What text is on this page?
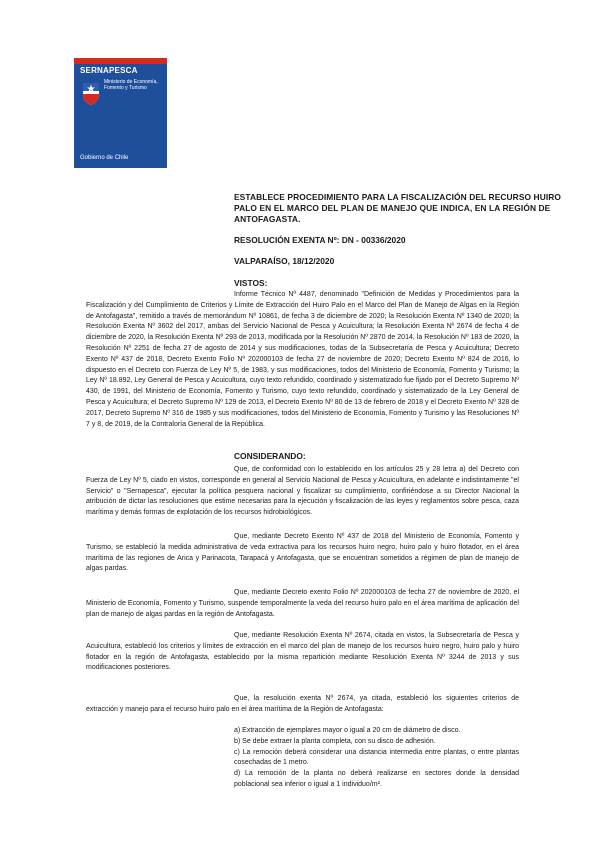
SERNAPESCA
Ministerio de Economía, Fomento y Turismo
Gobierno de Chile

ESTABLECE PROCEDIMIENTO PARA LA FISCALIZACIÓN DEL RECURSO HUIRO PALO EN EL MARCO DEL PLAN DE MANEJO QUE INDICA, EN LA REGIÓN DE ANTOFAGASTA.

RESOLUCIÓN EXENTA Nº: DN - 00336/2020

VALPARAÍSO, 18/12/2020

VISTOS:

Informe Técnico Nº 4487, denominado "Definición de Medidas y Procedimientos para la Fiscalización y del Cumplimiento de Criterios y Límite de Extracción del Huiro Palo en el Marco del Plan de Manejo de Algas en la Región de Antofagasta", remitido a través de memorándum Nº 10861, de fecha 3 de diciembre de 2020; la Resolución Exenta Nº 1340 de 2020; la Resolución Exenta Nº 3602 del 2017, ambas del Servicio Nacional de Pesca y Acuicultura; la Resolución Exenta Nº 2674 de fecha 4 de diciembre de 2020, la Resolución Exenta Nº 293 de 2013, modificada por la Resolución Nº 2870 de 2014, la Resolución Nº 183 de 2020, la Resolución Nº 2251 de fecha 27 de agosto de 2014 y sus modificaciones, todas de la Subsecretaría de Pesca y Acuicultura; Decreto Exento Nº 437 de 2018, Decreto Exento Folio Nº 202000103 de fecha 27 de noviembre de 2020; Decreto Exento Nº 824 de 2016, lo dispuesto en el Decreto con Fuerza de Ley Nº 5, de 1983, y sus modificaciones, todos del Ministerio de Economía, Fomento y Turismo; la Ley Nº 18.892, Ley General de Pesca y Acuicultura, cuyo texto refundido, coordinado y sistematizado fue fijado por el Decreto Supremo Nº 430, de 1991, del Ministerio de Economía, Fomento y Turismo, cuyo texto refundido, coordinado y sistematizado de la Ley General de Pesca y Acuicultura; el Decreto Supremo Nº 129 de 2013, el Decreto Exento Nº 80 de 13 de febrero de 2018 y el Decreto Exento Nº 328 de 2017, Decreto Supremo Nº 316 de 1985 y sus modificaciones, todos del Ministerio de Economía, Fomento y Turismo y las Resoluciones Nº 7 y 8, de 2019, de la Contraloría General de la República.

CONSIDERANDO:

Que, de conformidad con lo establecido en los artículos 25 y 28 letra a) del Decreto con Fuerza de Ley Nº 5, ciado en vistos, corresponde en general al Servicio Nacional de Pesca y Acuicultura, en adelante e indistintamente "el Servicio" o "Sernapesca", ejecutar la política pesquera nacional y fiscalizar su cumplimiento, confiriéndose a su Director Nacional la atribución de dictar las resoluciones que estime necesarias para la ejecución y fiscalización de las leyes y reglamentos sobre pesca, caza marítima y demás formas de explotación de los recursos hidrobiológicos.

Que, mediante Decreto Exento Nº 437 de 2018 del Ministerio de Economía, Fomento y Turismo, se estableció la medida administrativa de veda extractiva para los recursos huiro negro, huiro palo y huiro flotador, en el área marítima de las regiones de Arica y Parinacota, Tarapacá y Antofagasta, que se encuentran sometidos a régimen de plan de manejo de algas pardas.

Que, mediante Decreto exento Folio Nº 202000103 de fecha 27 de noviembre de 2020, el Ministerio de Economía, Fomento y Turismo, suspende temporalmente la veda del recurso huiro palo en el área marítima de aplicación del plan de manejo de algas pardas en la región de Antofagasta.

Que, mediante Resolución Exenta Nº 2674, citada en vistos, la Subsecretaría de Pesca y Acuicultura, estableció los criterios y límites de extracción en el marco del plan de manejo de los recursos huiro negro, huiro palo y huiro flotador en la región de Antofagasta, establecido por la misma repartición mediante Resolución Exenta Nº 3244 de 2013 y sus modificaciones posteriores.

Que, la resolución exenta Nº 2674, ya citada, estableció los siguientes criterios de extracción y manejo para el recurso huiro palo en el área marítima de la Región de Antofagasta:

a) Extracción de ejemplares mayor o igual a 20 cm de diámetro de disco.

b) Se debe extraer la planta completa, con su disco de adhesión.

c) La remoción deberá considerar una distancia intermedia entre plantas, o entre plantas cosechadas de 1 metro.

d) La remoción de la planta no deberá realizarse en sectores donde la densidad poblacional sea inferior o igual a 1 individuo/m².
